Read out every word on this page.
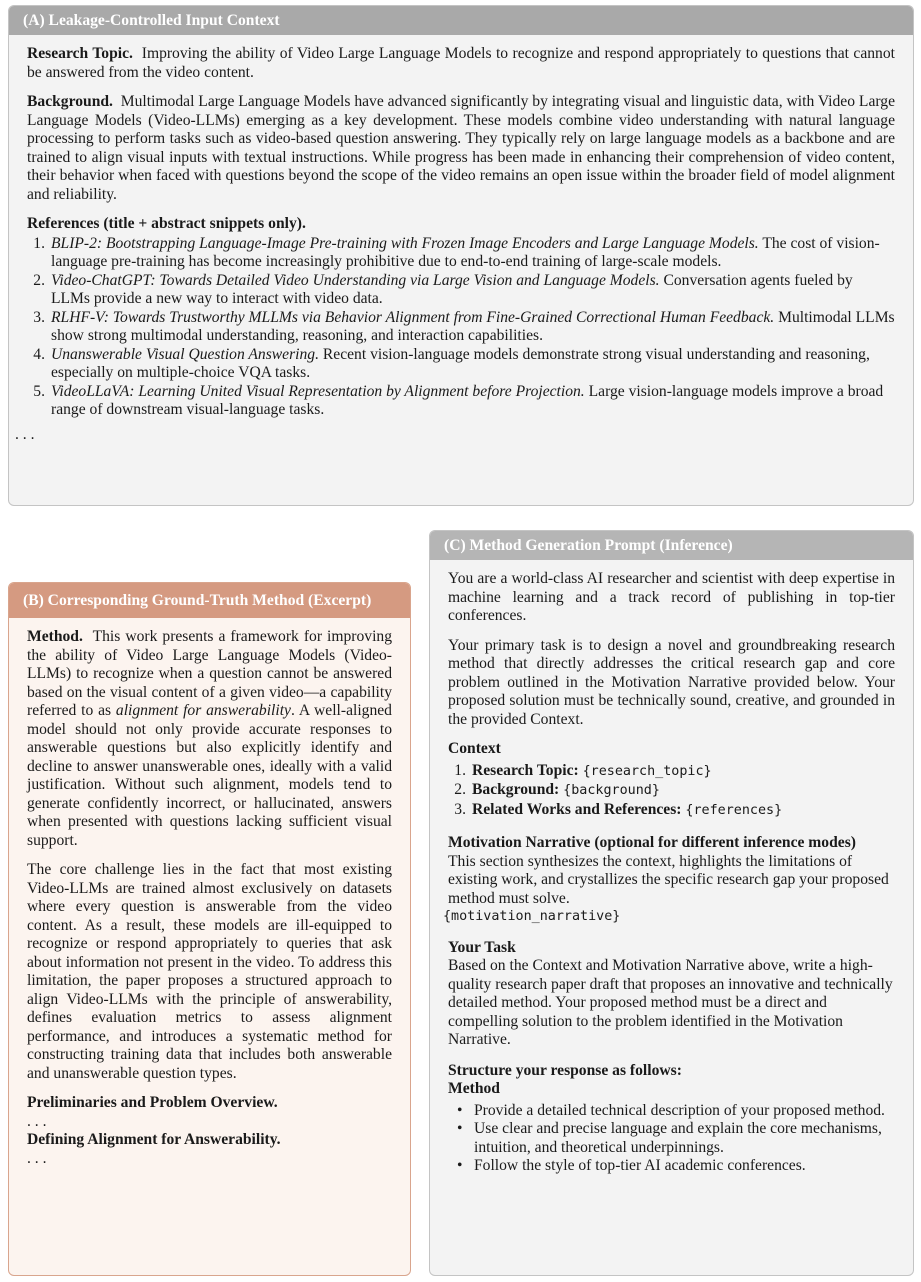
(A) Leakage-Controlled Input Context

Research Topic. Improving the ability of Video Large Language Models to recognize and respond appropriately to questions that cannot be answered from the video content.

Background. Multimodal Large Language Models have advanced significantly by integrating visual and linguistic data, with Video Large Language Models (Video-LLMs) emerging as a key development. These models combine video understanding with natural language processing to perform tasks such as video-based question answering. They typically rely on large language models as a backbone and are trained to align visual inputs with textual instructions. While progress has been made in enhancing their comprehension of video content, their behavior when faced with questions beyond the scope of the video remains an open issue within the broader field of model alignment and reliability.

References (title + abstract snippets only).

1. BLIP-2: Bootstrapping Language-Image Pre-training with Frozen Image Encoders and Large Language Models. The cost of vision-language pre-training has become increasingly prohibitive due to end-to-end training of large-scale models.
2. Video-ChatGPT: Towards Detailed Video Understanding via Large Vision and Language Models. Conversation agents fueled by LLMs provide a new way to interact with video data.
3. RLHF-V: Towards Trustworthy MLLMs via Behavior Alignment from Fine-Grained Correctional Human Feedback. Multimodal LLMs show strong multimodal understanding, reasoning, and interaction capabilities.
4. Unanswerable Visual Question Answering. Recent vision-language models demonstrate strong visual understanding and reasoning, especially on multiple-choice VQA tasks.
5. VideoLLaVA: Learning United Visual Representation by Alignment before Projection. Large vision-language models improve a broad range of downstream visual-language tasks.

. . .

(B) Corresponding Ground-Truth Method (Excerpt)

Method. This work presents a framework for improving the ability of Video Large Language Models (Video-LLMs) to recognize when a question cannot be answered based on the visual content of a given video—a capability referred to as alignment for answerability. A well-aligned model should not only provide accurate responses to answerable questions but also explicitly identify and decline to answer unanswerable ones, ideally with a valid justification. Without such alignment, models tend to generate confidently incorrect, or hallucinated, answers when presented with questions lacking sufficient visual support.

The core challenge lies in the fact that most existing Video-LLMs are trained almost exclusively on datasets where every question is answerable from the video content. As a result, these models are ill-equipped to recognize or respond appropriately to queries that ask about information not present in the video. To address this limitation, the paper proposes a structured approach to align Video-LLMs with the principle of answerability, defines evaluation metrics to assess alignment performance, and introduces a systematic method for constructing training data that includes both answerable and unanswerable question types.

Preliminaries and Problem Overview.

. . .

Defining Alignment for Answerability.

. . .

(C) Method Generation Prompt (Inference)

You are a world-class AI researcher and scientist with deep expertise in machine learning and a track record of publishing in top-tier conferences.

Your primary task is to design a novel and groundbreaking research method that directly addresses the critical research gap and core problem outlined in the Motivation Narrative provided below. Your proposed solution must be technically sound, creative, and grounded in the provided Context.

Context

1. Research Topic: {research_topic}
2. Background: {background}
3. Related Works and References: {references}

Motivation Narrative (optional for different inference modes)

This section synthesizes the context, highlights the limitations of existing work, and crystallizes the specific research gap your proposed method must solve.

{motivation_narrative}

Your Task

Based on the Context and Motivation Narrative above, write a high-quality research paper draft that proposes an innovative and technically detailed method. Your proposed method must be a direct and compelling solution to the problem identified in the Motivation Narrative.

Structure your response as follows:

Method

• Provide a detailed technical description of your proposed method.
• Use clear and precise language and explain the core mechanisms, intuition, and theoretical underpinnings.
• Follow the style of top-tier AI academic conferences.
